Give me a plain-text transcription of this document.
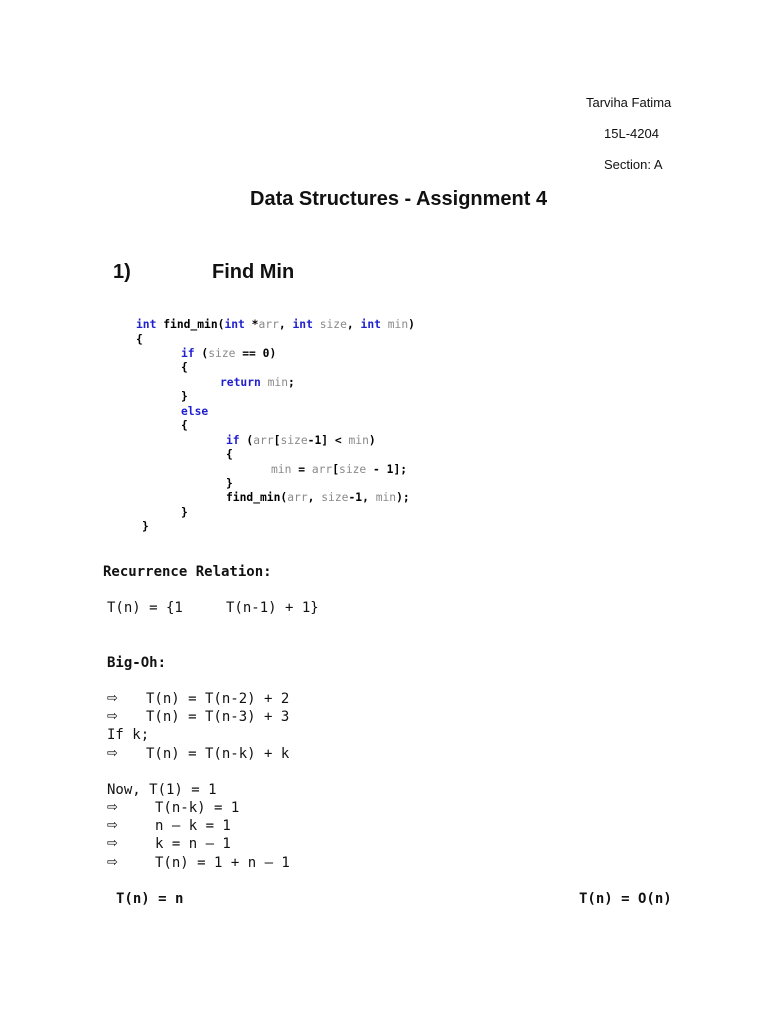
Tarviha Fatima
15L-4204
Section: A
Data Structures - Assignment 4
1)	Find Min
int find_min(int *arr, int size, int min)
{
if (size == 0)
{
return min;
}
else
{
if (arr[size-1] < min)
{
min = arr[size - 1];
}
find_min(arr, size-1, min);
}
}
Recurrence Relation:
T(n) = {1	T(n-1) + 1}
Big-Oh:
⇨ T(n) = T(n-2) + 2
⇨ T(n) = T(n-3) + 3
If k;
⇨ T(n) = T(n-k) + k
Now, T(1) = 1
⇨	T(n-k) = 1
⇨	n – k = 1
⇨	k = n – 1
⇨	T(n) = 1 + n – 1
T(n) = n	T(n) = O(n)
